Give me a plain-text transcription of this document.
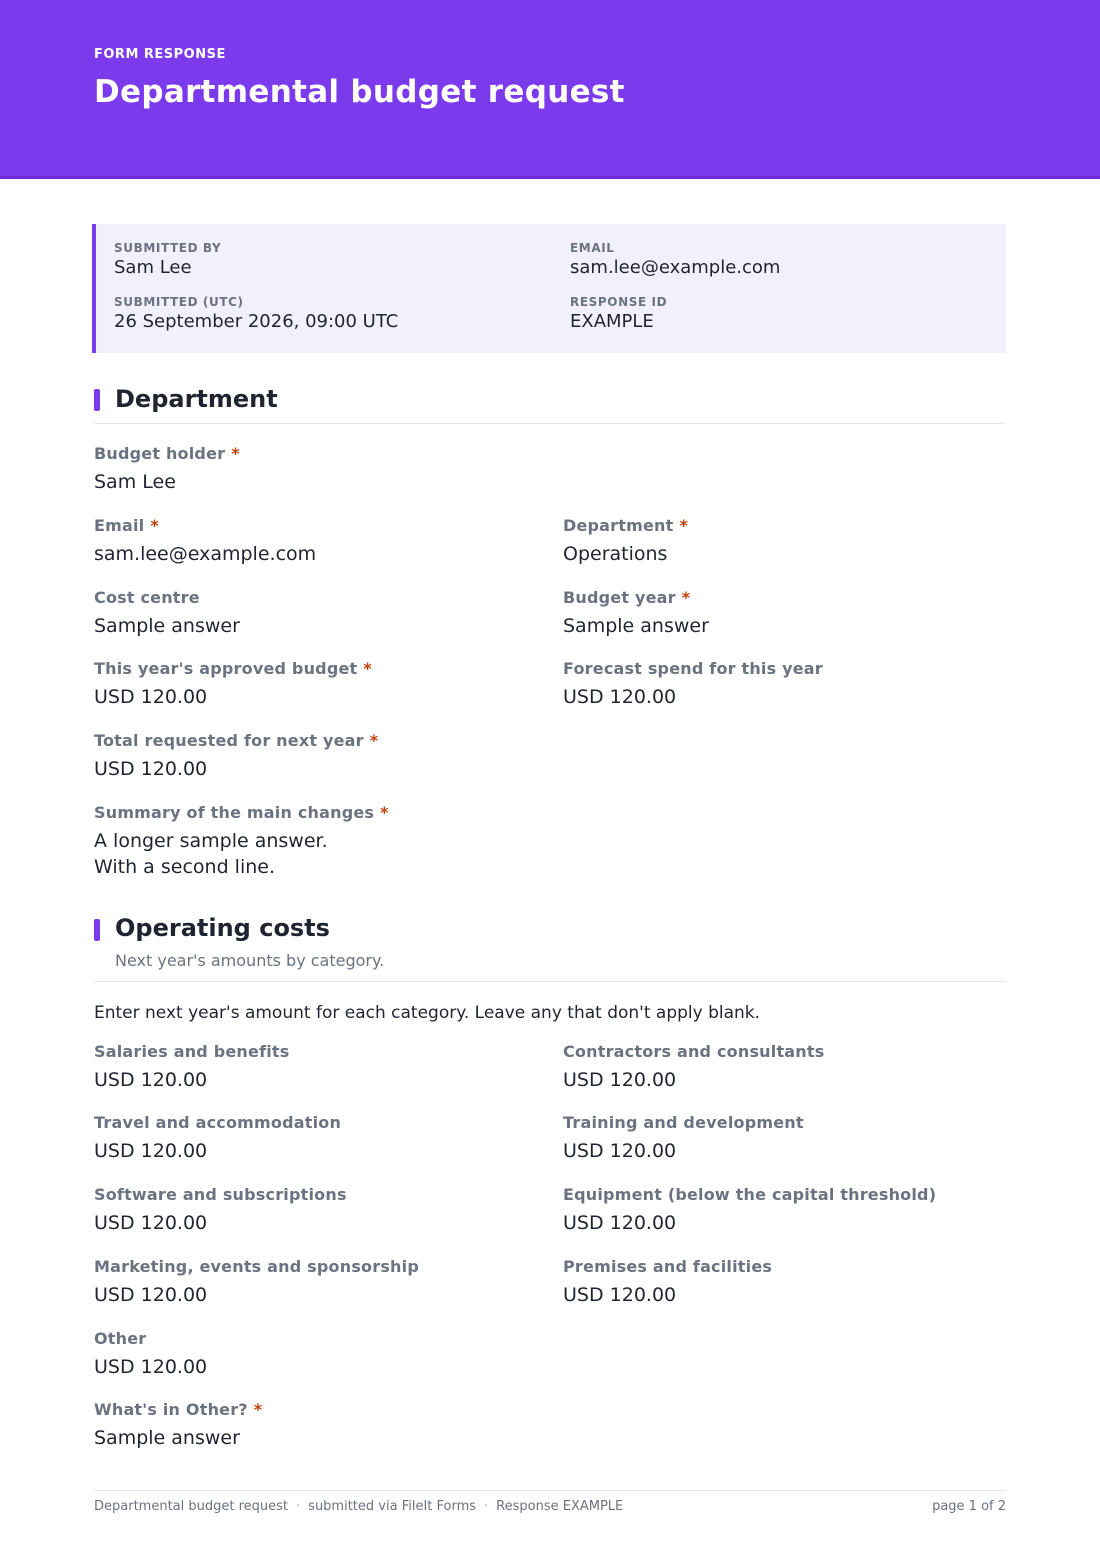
FORM RESPONSE
Departmental budget request
SUBMITTED BY
Sam Lee
EMAIL
sam.lee@example.com
SUBMITTED (UTC)
26 September 2026, 09:00 UTC
RESPONSE ID
EXAMPLE
Department
Budget holder *
Sam Lee
Email *
sam.lee@example.com
Department *
Operations
Cost centre
Sample answer
Budget year *
Sample answer
This year's approved budget *
USD 120.00
Forecast spend for this year
USD 120.00
Total requested for next year *
USD 120.00
Summary of the main changes *
A longer sample answer.
With a second line.
Operating costs
Next year's amounts by category.
Enter next year's amount for each category. Leave any that don't apply blank.
Salaries and benefits
USD 120.00
Contractors and consultants
USD 120.00
Travel and accommodation
USD 120.00
Training and development
USD 120.00
Software and subscriptions
USD 120.00
Equipment (below the capital threshold)
USD 120.00
Marketing, events and sponsorship
USD 120.00
Premises and facilities
USD 120.00
Other
USD 120.00
What's in Other? *
Sample answer
Departmental budget request · submitted via FileIt Forms · Response EXAMPLE	page 1 of 2
